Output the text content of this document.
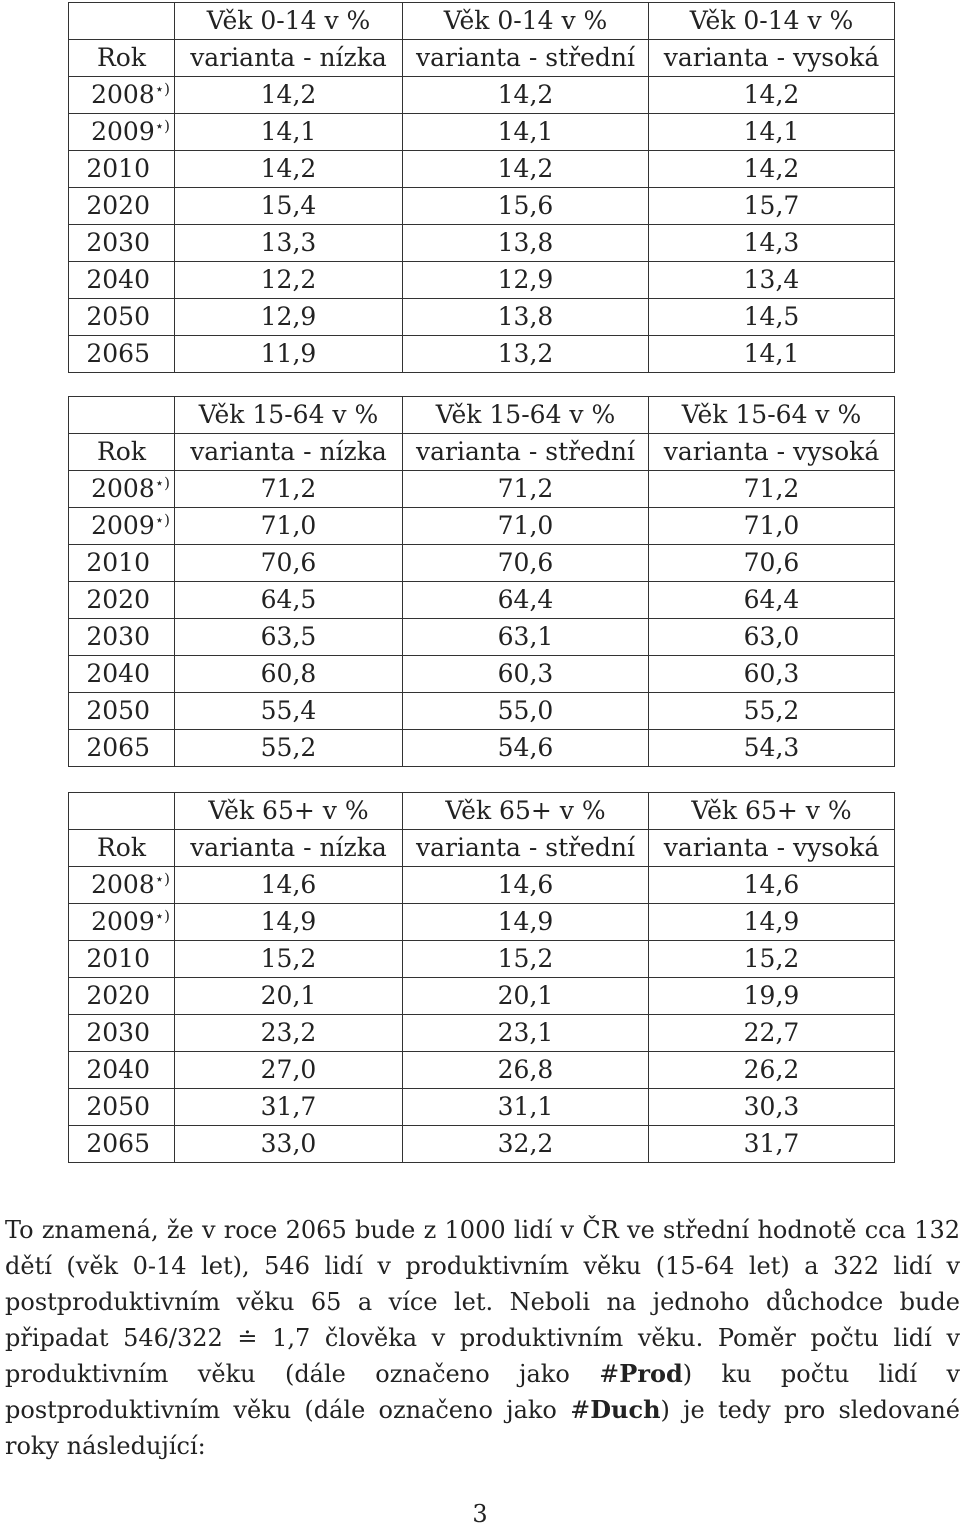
	Věk 0-14 v %	Věk 0-14 v %	Věk 0-14 v %
Rok	varianta - nízka	varianta - střední	varianta - vysoká
2008⋆)	14,2	14,2	14,2
2009⋆)	14,1	14,1	14,1
2010	14,2	14,2	14,2
2020	15,4	15,6	15,7
2030	13,3	13,8	14,3
2040	12,2	12,9	13,4
2050	12,9	13,8	14,5
2065	11,9	13,2	14,1
	Věk 15-64 v %	Věk 15-64 v %	Věk 15-64 v %
Rok	varianta - nízka	varianta - střední	varianta - vysoká
2008⋆)	71,2	71,2	71,2
2009⋆)	71,0	71,0	71,0
2010	70,6	70,6	70,6
2020	64,5	64,4	64,4
2030	63,5	63,1	63,0
2040	60,8	60,3	60,3
2050	55,4	55,0	55,2
2065	55,2	54,6	54,3
	Věk 65+ v %	Věk 65+ v %	Věk 65+ v %
Rok	varianta - nízka	varianta - střední	varianta - vysoká
2008⋆)	14,6	14,6	14,6
2009⋆)	14,9	14,9	14,9
2010	15,2	15,2	15,2
2020	20,1	20,1	19,9
2030	23,2	23,1	22,7
2040	27,0	26,8	26,2
2050	31,7	31,1	30,3
2065	33,0	32,2	31,7

To znamená, že v roce 2065 bude z 1000 lidí v ČR ve střední hodnotě cca 132 dětí (věk 0-14 let), 546 lidí v produktivním věku (15-64 let) a 322 lidí v postproduktivním věku 65 a více let. Neboli na jednoho důchodce bude připadat 546/322 ≐ 1,7 člověka v produktivním věku. Poměr počtu lidí v produktivním věku (dále označeno jako #Prod) ku počtu lidí v postproduktivním věku (dále označeno jako #Duch) je tedy pro sledované roky následující:

3
